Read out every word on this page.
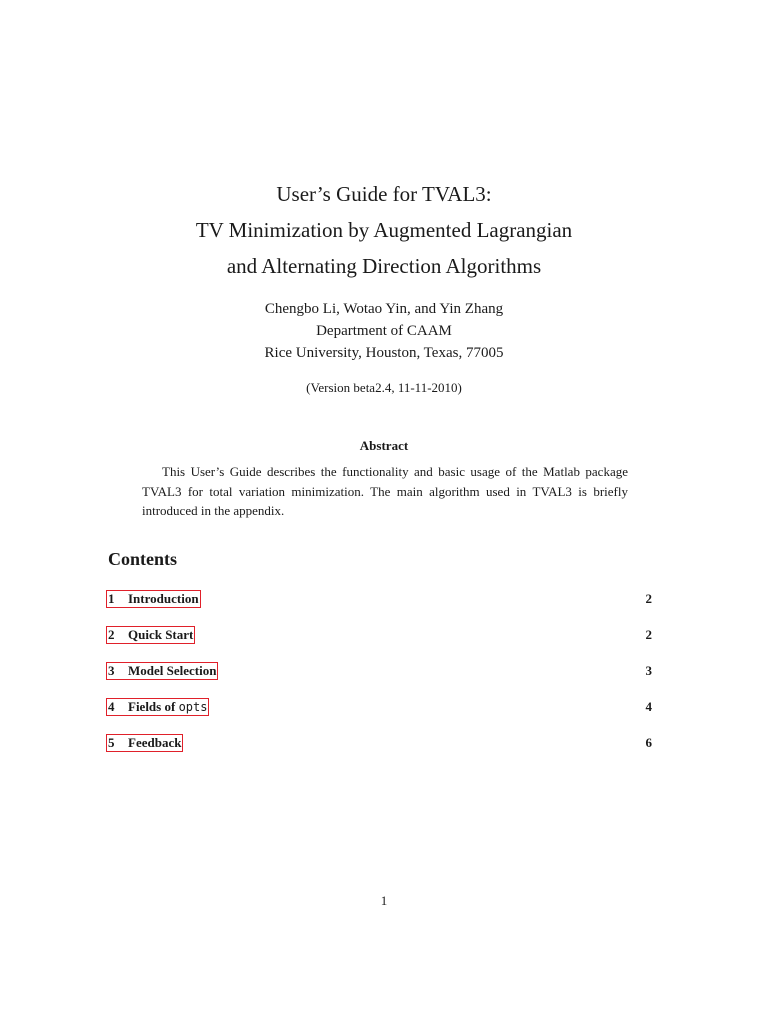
User’s Guide for TVAL3:
TV Minimization by Augmented Lagrangian
and Alternating Direction Algorithms
Chengbo Li, Wotao Yin, and Yin Zhang
Department of CAAM
Rice University, Houston, Texas, 77005
(Version beta2.4, 11-11-2010)
Abstract
This User’s Guide describes the functionality and basic usage of the Matlab package TVAL3 for total variation minimization. The main algorithm used in TVAL3 is briefly introduced in the appendix.
Contents
1 Introduction	2
2 Quick Start	2
3 Model Selection	3
4 Fields of opts	4
5 Feedback	6
1
